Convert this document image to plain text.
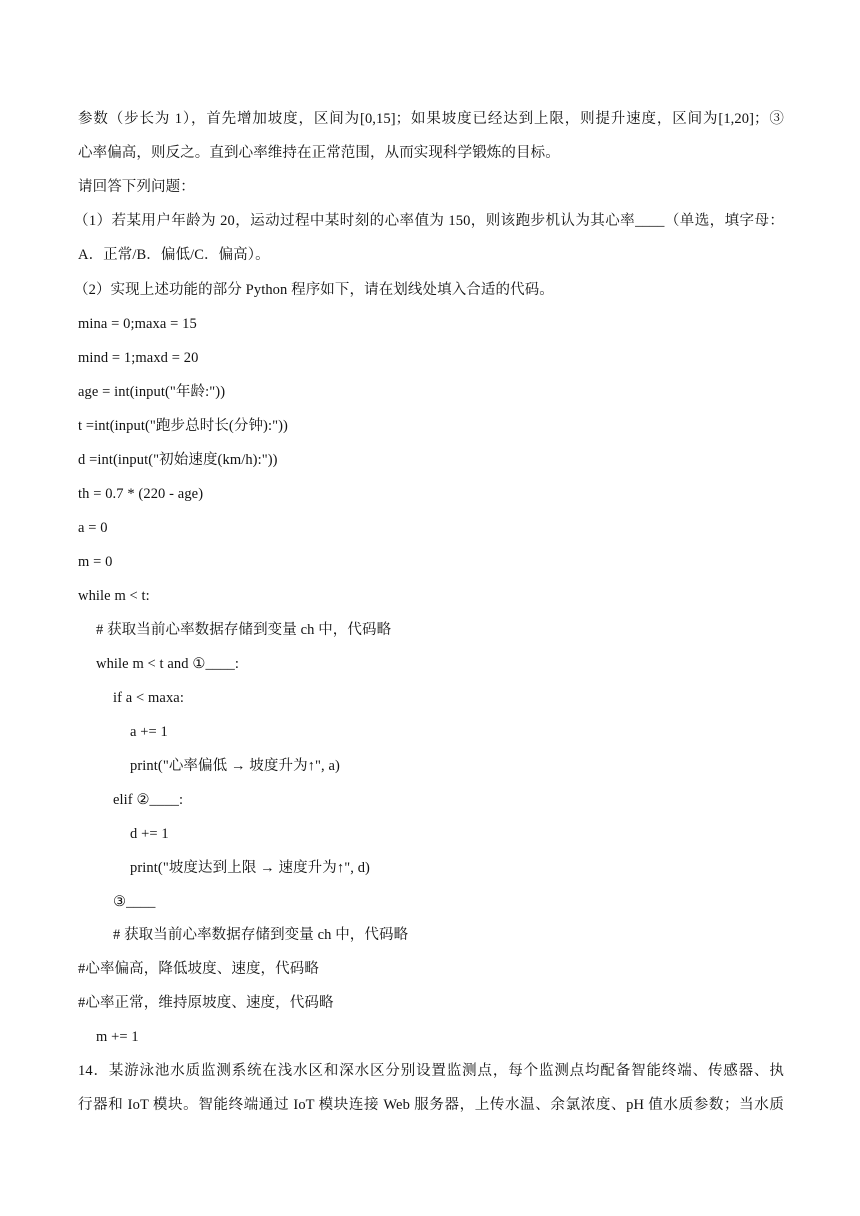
参数（步长为 1），首先增加坡度，区间为[0,15]；如果坡度已经达到上限，则提升速度，区间为[1,20]；③
心率偏高，则反之。直到心率维持在正常范围，从而实现科学锻炼的目标。
请回答下列问题：
（1）若某用户年龄为 20，运动过程中某时刻的心率值为 150，则该跑步机认为其心率____（单选，填字母：
A．正常/B．偏低/C．偏高）。
（2）实现上述功能的部分 Python 程序如下，请在划线处填入合适的代码。
mina = 0;maxa = 15
mind = 1;maxd = 20
age = int(input("年龄:"))
t =int(input("跑步总时长(分钟):"))
d =int(input("初始速度(km/h):"))
th = 0.7 * (220 - age)
a = 0
m = 0
while m < t:
# 获取当前心率数据存储到变量 ch 中，代码略
while m < t and ①____:
if a < maxa:
a += 1
print("心率偏低 → 坡度升为↑", a)
elif ②____:
d += 1
print("坡度达到上限 → 速度升为↑", d)
③____
# 获取当前心率数据存储到变量 ch 中，代码略
#心率偏高，降低坡度、速度，代码略
#心率正常，维持原坡度、速度，代码略
m += 1
14．某游泳池水质监测系统在浅水区和深水区分别设置监测点，每个监测点均配备智能终端、传感器、执
行器和 IoT 模块。智能终端通过 IoT 模块连接 Web 服务器，上传水温、余氯浓度、pH 值水质参数；当水质
